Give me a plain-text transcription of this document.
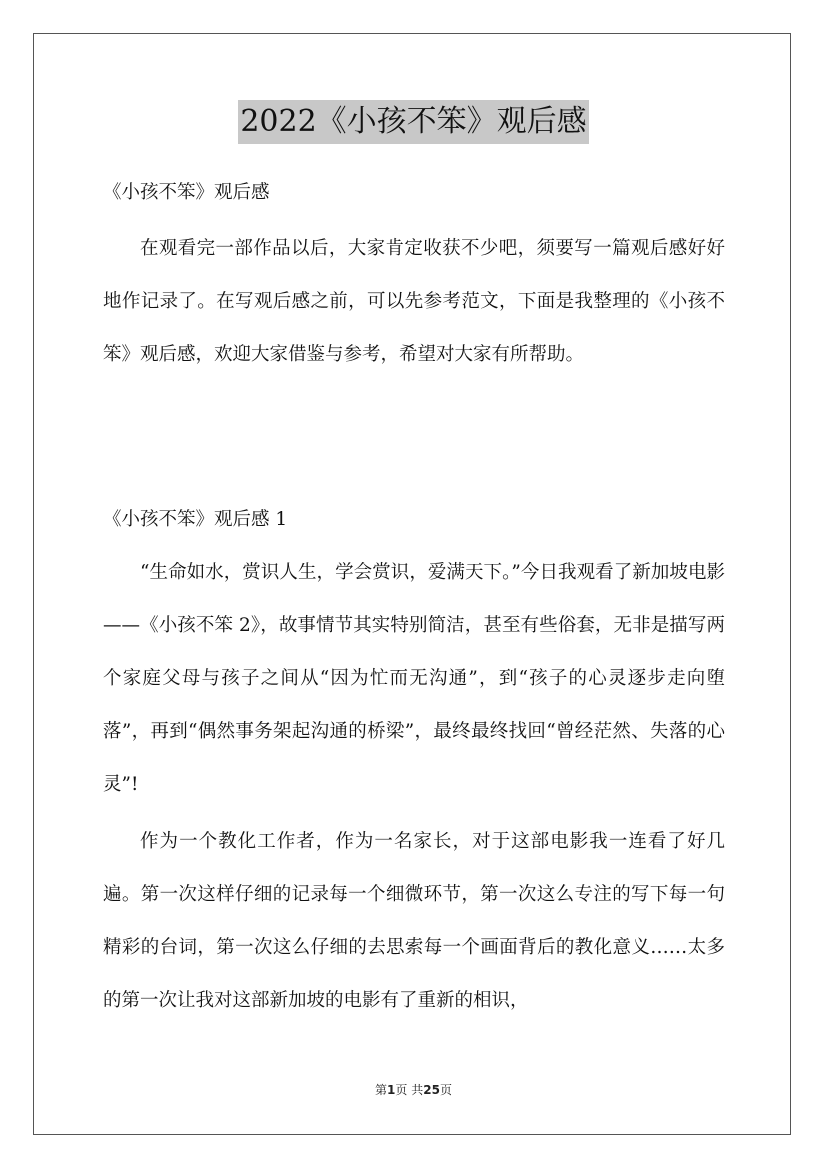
2022《小孩不笨》观后感

《小孩不笨》观后感

在观看完一部作品以后，大家肯定收获不少吧，须要写一篇观后感好好地作记录了。在写观后感之前，可以先参考范文，下面是我整理的《小孩不笨》观后感，欢迎大家借鉴与参考，希望对大家有所帮助。

《小孩不笨》观后感 1

“生命如水，赏识人生，学会赏识，爱满天下。”今日我观看了新加坡电影——《小孩不笨 2》，故事情节其实特别简洁，甚至有些俗套，无非是描写两个家庭父母与孩子之间从“因为忙而无沟通”，到“孩子的心灵逐步走向堕落”，再到“偶然事务架起沟通的桥梁”，最终最终找回“曾经茫然、失落的心灵”!

作为一个教化工作者，作为一名家长，对于这部电影我一连看了好几遍。第一次这样仔细的记录每一个细微环节，第一次这么专注的写下每一句精彩的台词，第一次这么仔细的去思索每一个画面背后的教化意义……太多的第一次让我对这部新加坡的电影有了重新的相识，

第1页 共25页
